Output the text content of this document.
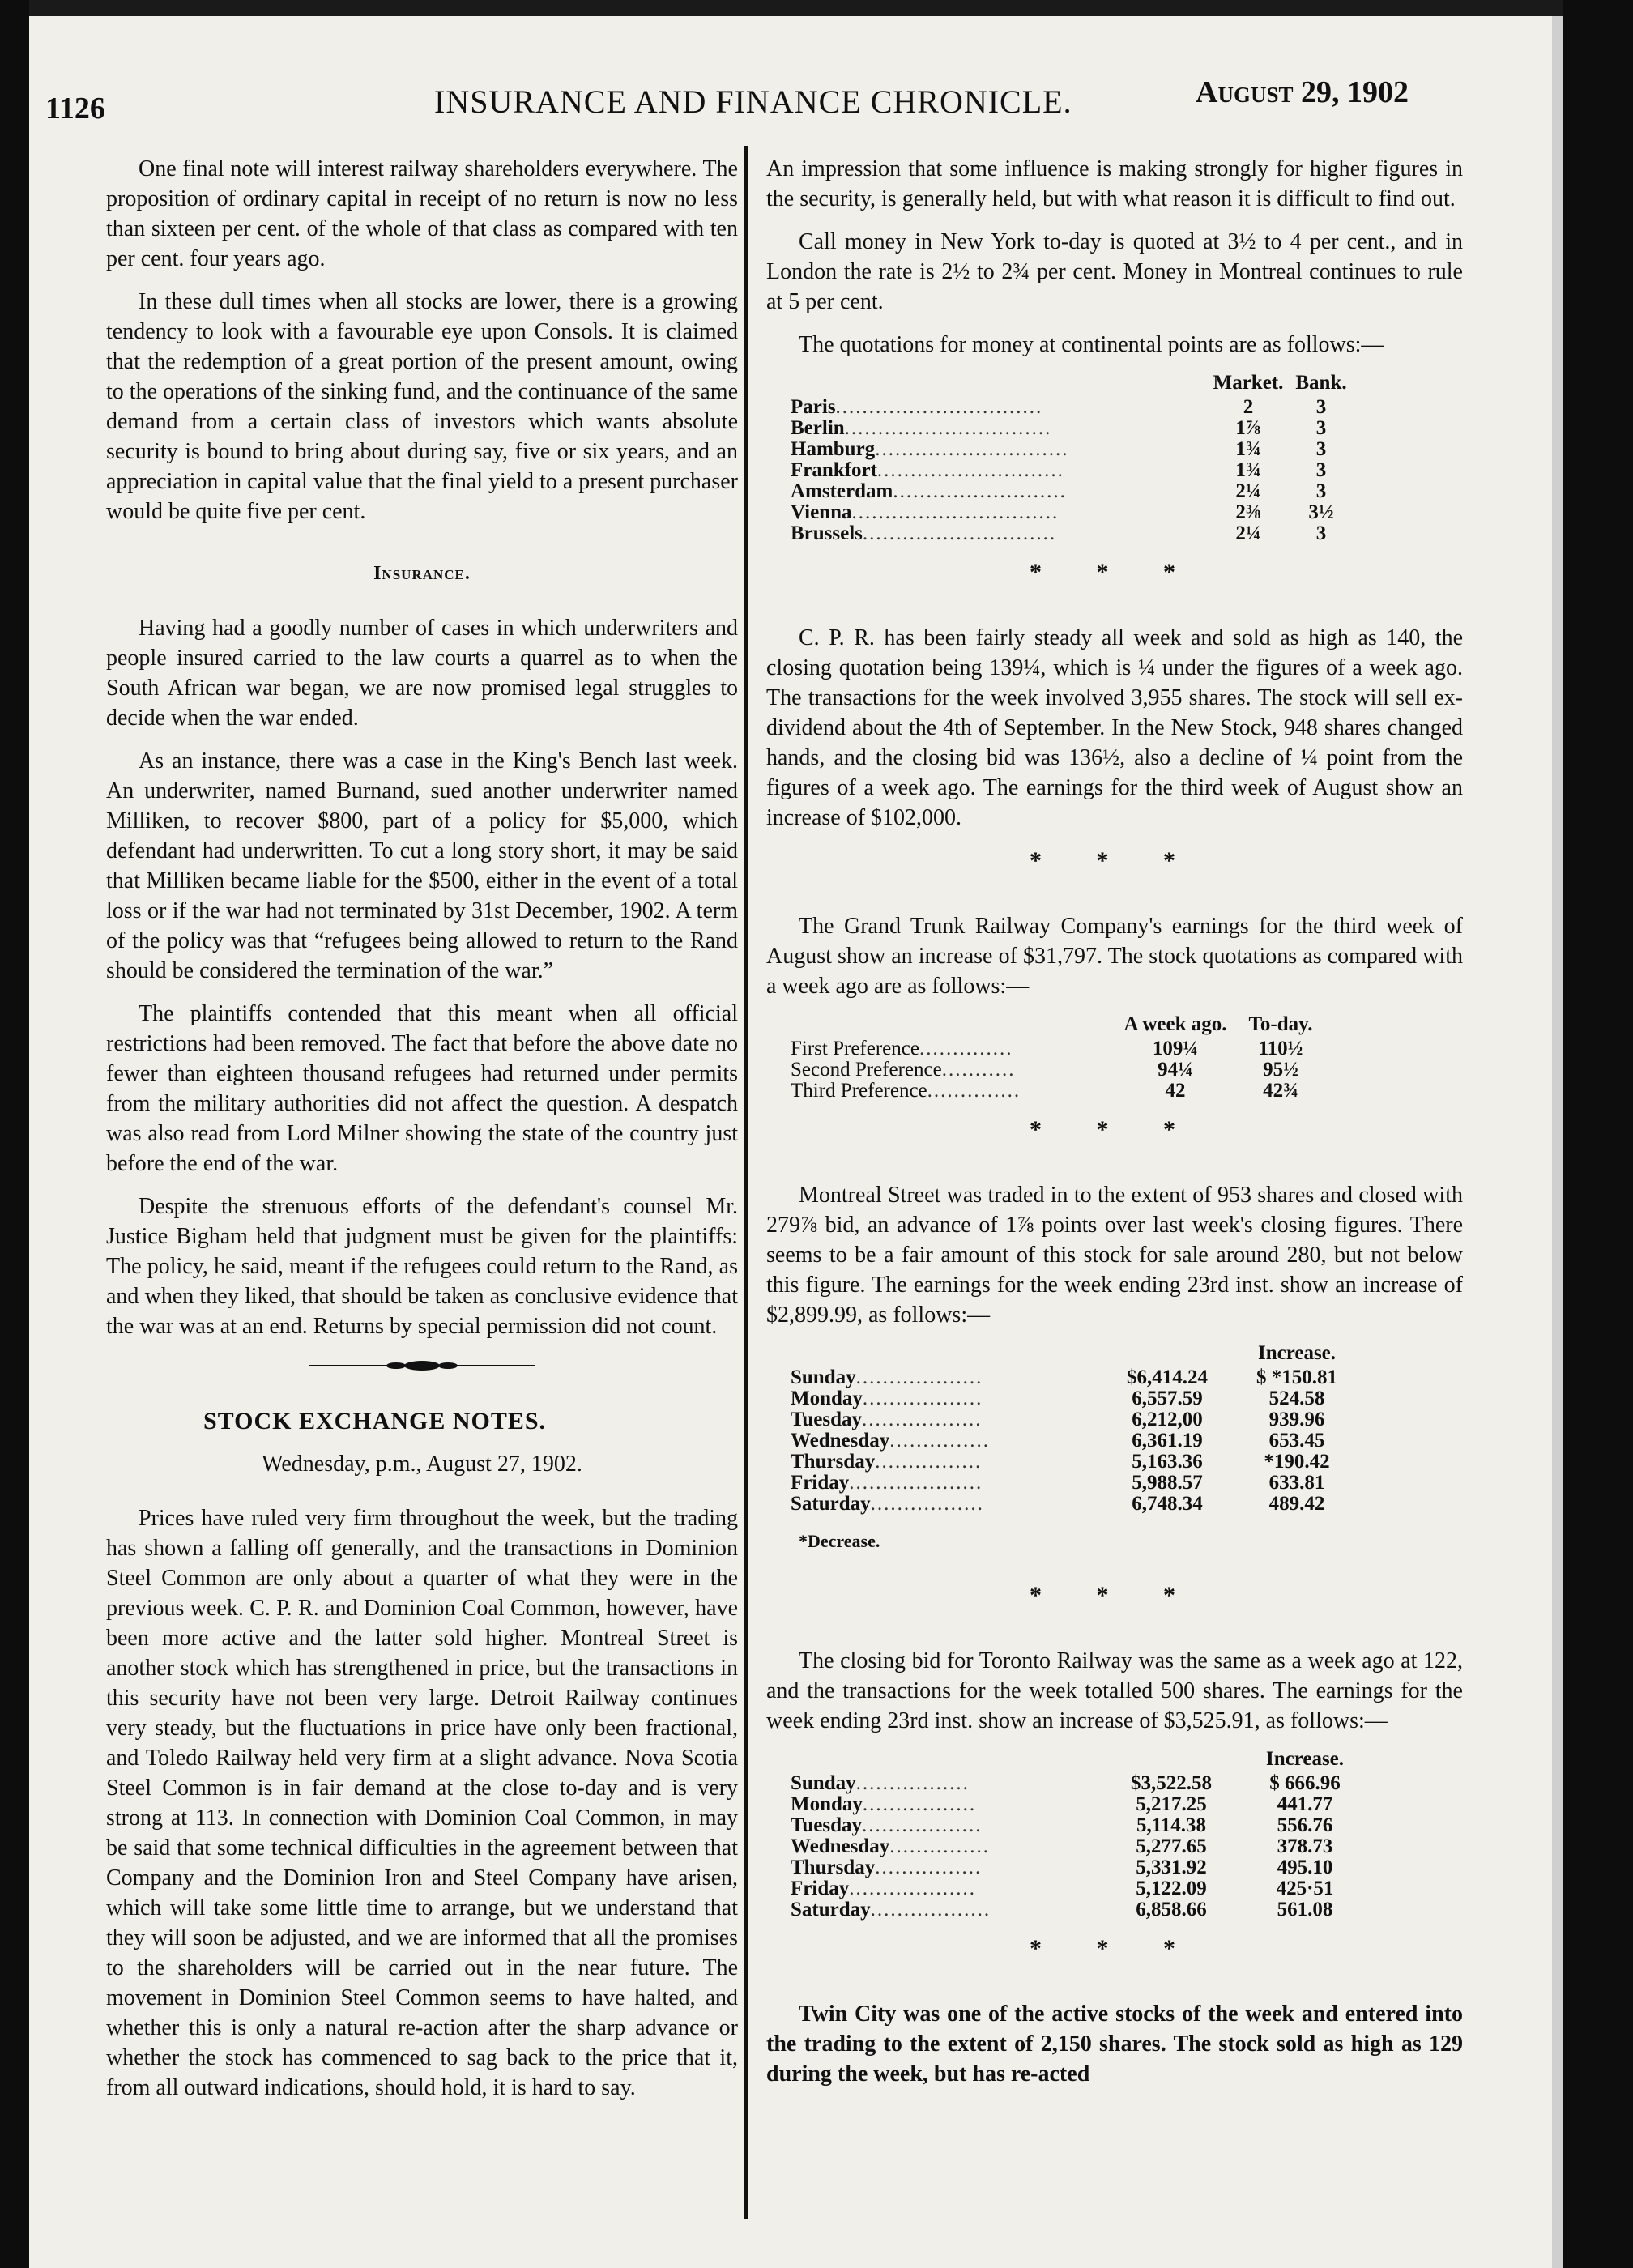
1126	INSURANCE AND FINANCE CHRONICLE.	August 29, 1902

One final note will interest railway shareholders everywhere. The proposition of ordinary capital in receipt of no return is now no less than sixteen per cent. of the whole of that class as compared with ten per cent. four years ago.

In these dull times when all stocks are lower, there is a growing tendency to look with a favourable eye upon Consols. It is claimed that the redemption of a great portion of the present amount, owing to the operations of the sinking fund, and the continuance of the same demand from a certain class of investors which wants absolute security is bound to bring about during say, five or six years, and an appreciation in capital value that the final yield to a present purchaser would be quite five per cent.

Insurance.

Having had a goodly number of cases in which underwriters and people insured carried to the law courts a quarrel as to when the South African war began, we are now promised legal struggles to decide when the war ended.

As an instance, there was a case in the King's Bench last week. An underwriter, named Burnand, sued another underwriter named Milliken, to recover $800, part of a policy for $5,000, which defendant had underwritten. To cut a long story short, it may be said that Milliken became liable for the $500, either in the event of a total loss or if the war had not terminated by 31st December, 1902. A term of the policy was that “refugees being allowed to return to the Rand should be considered the termination of the war.”

The plaintiffs contended that this meant when all official restrictions had been removed. The fact that before the above date no fewer than eighteen thousand refugees had returned under permits from the military authorities did not affect the question. A despatch was also read from Lord Milner showing the state of the country just before the end of the war.

Despite the strenuous efforts of the defendant's counsel Mr. Justice Bigham held that judgment must be given for the plaintiffs: The policy, he said, meant if the refugees could return to the Rand, as and when they liked, that should be taken as conclusive evidence that the war was at an end. Returns by special permission did not count.

STOCK EXCHANGE NOTES.
Wednesday, p.m., August 27, 1902.

Prices have ruled very firm throughout the week, but the trading has shown a falling off generally, and the transactions in Dominion Steel Common are only about a quarter of what they were in the previous week. C. P. R. and Dominion Coal Common, however, have been more active and the latter sold higher. Montreal Street is another stock which has strengthened in price, but the transactions in this security have not been very large. Detroit Railway continues very steady, but the fluctuations in price have only been fractional, and Toledo Railway held very firm at a slight advance. Nova Scotia Steel Common is in fair demand at the close to-day and is very strong at 113. In connection with Dominion Coal Common, in may be said that some technical difficulties in the agreement between that Company and the Dominion Iron and Steel Company have arisen, which will take some little time to arrange, but we understand that they will soon be adjusted, and we are informed that all the promises to the shareholders will be carried out in the near future. The movement in Dominion Steel Common seems to have halted, and whether this is only a natural re-action after the sharp advance or whether the stock has commenced to sag back to the price that it, from all outward indications, should hold, it is hard to say.

An impression that some influence is making strongly for higher figures in the security, is generally held, but with what reason it is difficult to find out.

Call money in New York to-day is quoted at 3½ to 4 per cent., and in London the rate is 2½ to 2¾ per cent. Money in Montreal continues to rule at 5 per cent.

The quotations for money at continental points are as follows:—

	Market.	Bank.
Paris...............................	2	3
Berlin...............................	1⅞	3
Hamburg.............................	1¾	3
Frankfort............................	1¾	3
Amsterdam..........................	2¼	3
Vienna...............................	2⅜	3½
Brussels.............................	2¼	3
* * *

C. P. R. has been fairly steady all week and sold as high as 140, the closing quotation being 139¼, which is ¼ under the figures of a week ago. The transactions for the week involved 3,955 shares. The stock will sell ex-dividend about the 4th of September. In the New Stock, 948 shares changed hands, and the closing bid was 136½, also a decline of ¼ point from the figures of a week ago. The earnings for the third week of August show an increase of $102,000.

* * *

The Grand Trunk Railway Company's earnings for the third week of August show an increase of $31,797. The stock quotations as compared with a week ago are as follows:—

	A week ago.	To-day.
First Preference..............	109¼	110½
Second Preference...........	94¼	95½
Third Preference..............	42	42¾
* * *

Montreal Street was traded in to the extent of 953 shares and closed with 279⅞ bid, an advance of 1⅞ points over last week's closing figures. There seems to be a fair amount of this stock for sale around 280, but not below this figure. The earnings for the week ending 23rd inst. show an increase of $2,899.99, as follows:—

		Increase.
Sunday...................	$6,414.24	$ *150.81
Monday..................	6,557.59	524.58
Tuesday..................	6,212,00	939.96
Wednesday...............	6,361.19	653.45
Thursday................	5,163.36	*190.42
Friday....................	5,988.57	633.81
Saturday.................	6,748.34	489.42
*Decrease.
* * *

The closing bid for Toronto Railway was the same as a week ago at 122, and the transactions for the week totalled 500 shares. The earnings for the week ending 23rd inst. show an increase of $3,525.91, as follows:—

		Increase.
Sunday.................	$3,522.58	$ 666.96
Monday.................	5,217.25	441.77
Tuesday..................	5,114.38	556.76
Wednesday...............	5,277.65	378.73
Thursday................	5,331.92	495.10
Friday...................	5,122.09	425·51
Saturday..................	6,858.66	561.08
* * *

Twin City was one of the active stocks of the week and entered into the trading to the extent of 2,150 shares. The stock sold as high as 129 during the week, but has re-acted
